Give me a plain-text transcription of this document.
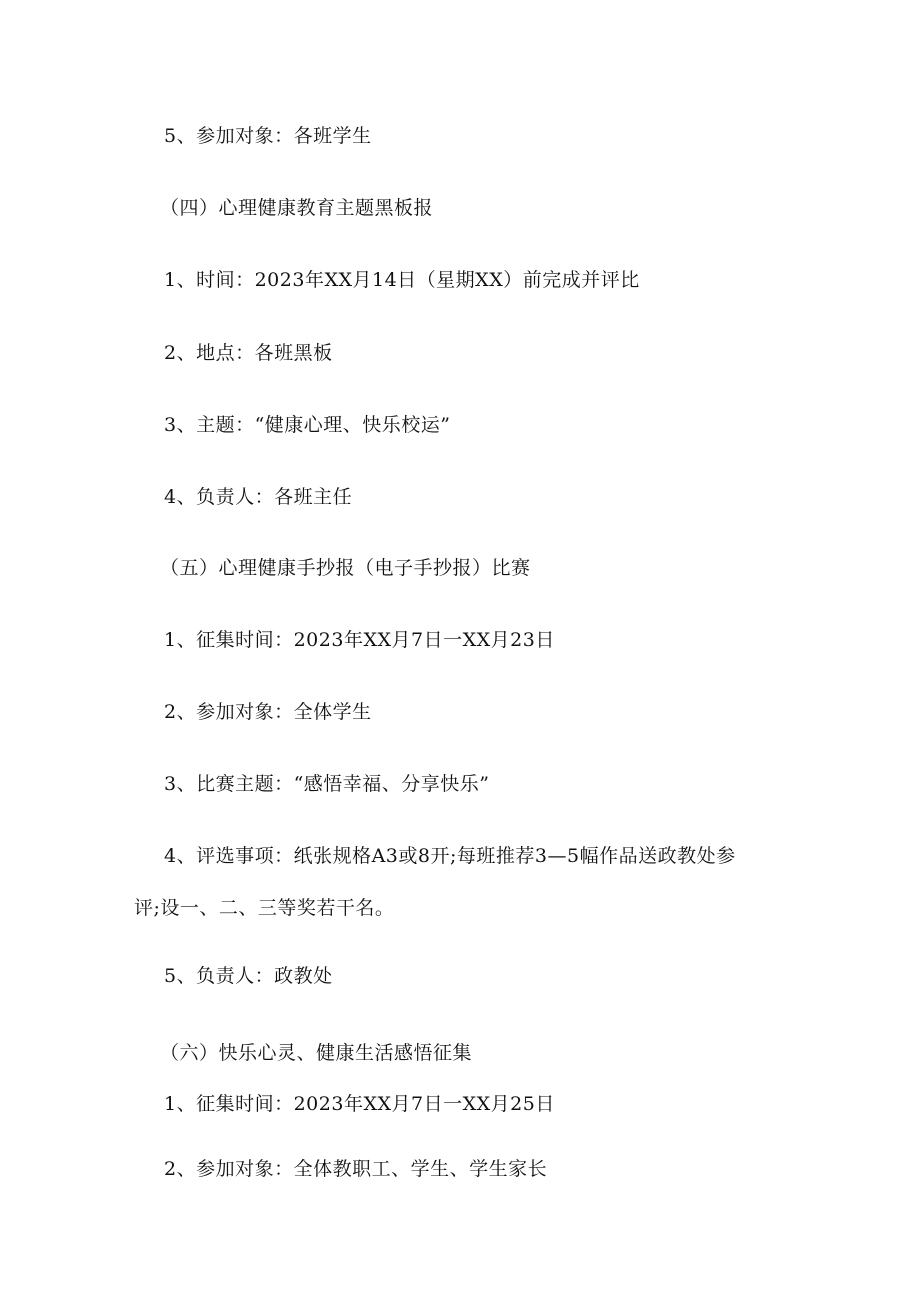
5、参加对象：各班学生
（四）心理健康教育主题黑板报
1、时间：2023年XX月14日（星期XX）前完成并评比
2、地点：各班黑板
3、主题：“健康心理、快乐校运”
4、负责人：各班主任
（五）心理健康手抄报（电子手抄报）比赛
1、征集时间：2023年XX月7日一XX月23日
2、参加对象：全体学生
3、比赛主题：“感悟幸福、分享快乐”
4、评选事项：纸张规格A3或8开;每班推荐3—5幅作品送政教处参
评;设一、二、三等奖若干名。
5、负责人：政教处
（六）快乐心灵、健康生活感悟征集
1、征集时间：2023年XX月7日一XX月25日
2、参加对象：全体教职工、学生、学生家长
